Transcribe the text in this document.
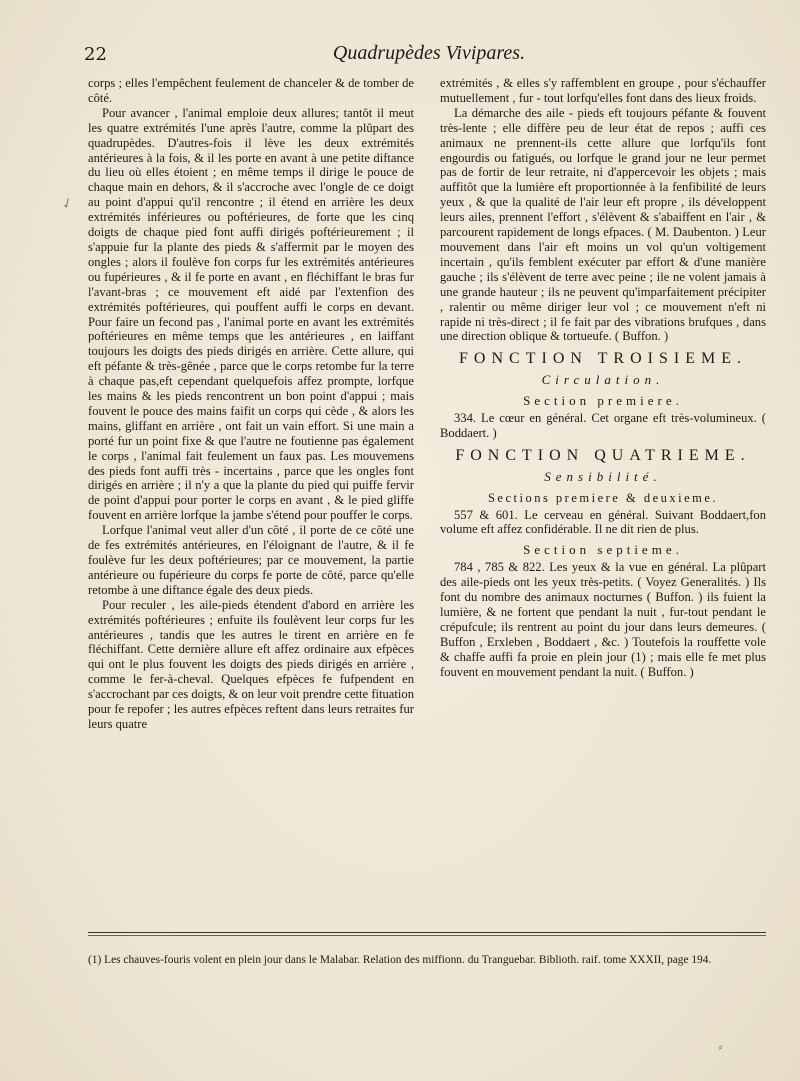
22	Quadrupèdes Vivipares.

corps ; elles l'empêchent feulement de chanceler & de tomber de côté.

Pour avancer , l'animal emploie deux allures; tantôt il meut les quatre extrémités l'une après l'autre, comme la plûpart des quadrupèdes. D'autres-fois il lève les deux extrémités antérieures à la fois, & il les porte en avant à une petite diftance du lieu où elles étoient ; en même temps il dirige le pouce de chaque main en dehors, & il s'accroche avec l'ongle de ce doigt au point d'appui qu'il rencontre ; il étend en arrière les deux extrémités inférieures ou poftérieures, de forte que les cinq doigts de chaque pied font auffi dirigés poftérieurement ; il s'appuie fur la plante des pieds & s'affermit par le moyen des ongles ; alors il foulève fon corps fur les extrémités antérieures ou fupérieures , & il fe porte en avant , en fléchiffant le bras fur l'avant-bras ; ce mouvement eft aidé par l'extenfion des extrémités poftérieures, qui pouffent auffi le corps en devant. Pour faire un fecond pas , l'animal porte en avant les extrémités poftérieures en même temps que les antérieures , en laiffant toujours les doigts des pieds dirigés en arrière. Cette allure, qui eft péfante & très-gênée , parce que le corps retombe fur la terre à chaque pas,eft cependant quelquefois affez prompte, lorfque les mains & les pieds rencontrent un bon point d'appui ; mais fouvent le pouce des mains faifit un corps qui cède , & alors les mains, gliffant en arrière , ont fait un vain effort. Si une main a porté fur un point fixe & que l'autre ne foutienne pas également le corps , l'animal fait feulement un faux pas. Les mouvemens des pieds font auffi très - incertains , parce que les ongles font dirigés en arrière ; il n'y a que la plante du pied qui puiffe fervir de point d'appui pour porter le corps en avant , & le pied gliffe fouvent en arrière lorfque la jambe s'étend pour pouffer le corps.

Lorfque l'animal veut aller d'un côté , il porte de ce côté une de fes extrémités antérieures, en l'éloignant de l'autre, & il fe foulève fur les deux poftérieures; par ce mouvement, la partie antérieure ou fupérieure du corps fe porte de côté, parce qu'elle retombe à une diftance égale des deux pieds.

Pour reculer , les aile-pieds étendent d'abord en arrière les extrémités poftérieures ; enfuite ils foulèvent leur corps fur les antérieures , tandis que les autres le tirent en arrière en fe fléchiffant. Cette dernière allure eft affez ordinaire aux efpèces qui ont le plus fouvent les doigts des pieds dirigés en arrière , comme le fer-à-cheval. Quelques efpèces fe fufpendent en s'accrochant par ces doigts, & on leur voit prendre cette fituation pour fe repofer ; les autres efpèces reftent dans leurs retraites fur leurs quatre

extrémités , & elles s'y raffemblent en groupe , pour s'échauffer mutuellement , fur - tout lorfqu'elles font dans des lieux froids.

La démarche des aile - pieds eft toujours péfante & fouvent très-lente ; elle diffère peu de leur état de repos ; auffi ces animaux ne prennent-ils cette allure que lorfqu'ils font engourdis ou fatigués, ou lorfque le grand jour ne leur permet pas de fortir de leur retraite, ni d'appercevoir les objets ; mais auffitôt que la lumière eft proportionnée à la fenfibilité de leurs yeux , & que la qualité de l'air leur eft propre , ils développent leurs ailes, prennent l'effort , s'élèvent & s'abaiffent en l'air , & parcourent rapidement de longs efpaces. ( M. Daubenton. ) Leur mouvement dans l'air eft moins un vol qu'un voltigement incertain , qu'ils femblent exécuter par effort & d'une manière gauche ; ils s'élèvent de terre avec peine ; ile ne volent jamais à une grande hauteur ; ils ne peuvent qu'imparfaitement précipiter , ralentir ou même diriger leur vol ; ce mouvement n'eft ni rapide ni très-direct ; il fe fait par des vibrations brufques , dans une direction oblique & tortueufe. ( Buffon. )

FONCTION TROISIEME.
Circulation.
Section premiere.

334. Le cœur en général. Cet organe eft très-volumineux. ( Boddaert. )

FONCTION QUATRIEME.
Sensibilité.
Sections premiere & deuxieme.

557 & 601. Le cerveau en général. Suivant Boddaert,fon volume eft affez confidérable. Il ne dit rien de plus.

Section septieme.

784 , 785 & 822. Les yeux & la vue en général. La plûpart des aile-pieds ont les yeux très-petits. ( Voyez Generalités. ) Ils font du nombre des animaux nocturnes ( Buffon. ) ils fuient la lumière, & ne fortent que pendant la nuit , fur-tout pendant le crépufcule; ils rentrent au point du jour dans leurs demeures. ( Buffon , Erxleben , Boddaert , &c. ) Toutefois la rouffette vole & chaffe auffi fa proie en plein jour (1) ; mais elle fe met plus fouvent en mouvement pendant la nuit. ( Buffon. )

(1) Les chauves-fouris volent en plein jour dans le Malabar. Relation des miffionn. du Tranguebar. Biblioth. raif. tome XXXII, page 194.
✓
⸗
